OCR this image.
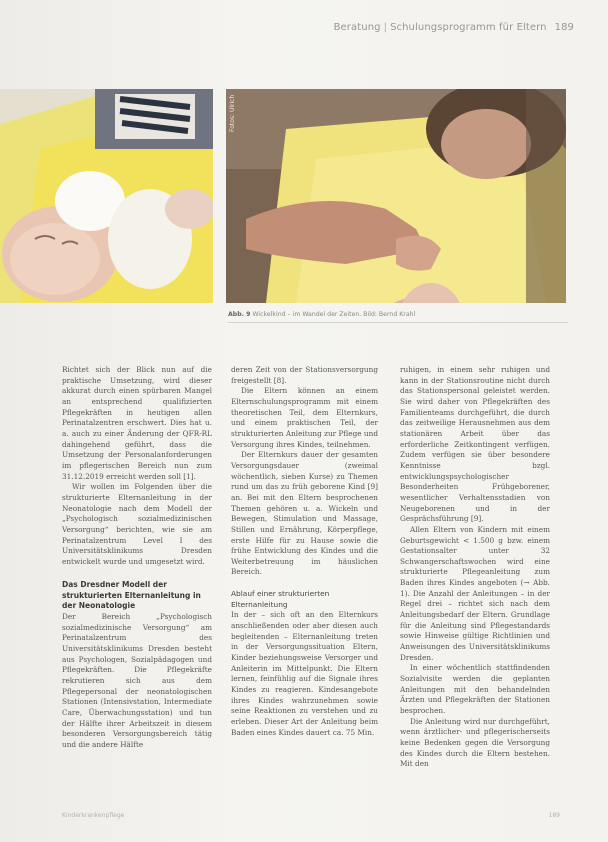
Beratung | Schulungsprogramm für Eltern 189
Fotos: Ulrich
Abb. 9 Wickelkind – im Wandel der Zeiten. Bild: Bernd Krahl

Richtet sich der Blick nun auf die praktische Umsetzung, wird dieser akkurat durch einen spürbaren Mangel an entsprechend qualifizierten Pflegekräften in heutigen allen Perinatalzentren erschwert. Dies hat u. a. auch zu einer Änderung der QFR-RL dahingehend geführt, dass die Umsetzung der Personalanforderungen im pflegerischen Bereich nun zum 31.12.2019 erreicht werden soll [1].

Wir wollen im Folgenden über die strukturierte Elternanleitung in der Neonatologie nach dem Modell der „Psychologisch sozialmedizinischen Versorgung“ berichten, wie sie am Perinatalzentrum Level I des Universitätsklinikums Dresden entwickelt wurde und umgesetzt wird.

Das Dresdner Modell der strukturierten Elternanleitung in der Neonatologie

Der Bereich „Psychologisch sozialmedizinische Versorgung“ am Perinatalzentrum des Universitätsklinikums Dresden besteht aus Psychologen, Sozialpädagogen und Pflegekräften. Die Pflegekräfte rekrutieren sich aus dem Pflegepersonal der neonatologischen Stationen (Intensivstation, Intermediate Care, Überwachungsstation) und tun der Hälfte ihrer Arbeitszeit in diesem besonderen Versorgungsbereich tätig und die andere Hälfte

deren Zeit von der Stationsversorgung freigestellt [8].

Die Eltern können an einem Elternschulungsprogramm mit einem theoretischen Teil, dem Elternkurs, und einem praktischen Teil, der strukturierten Anleitung zur Pflege und Versorgung ihres Kindes, teilnehmen.

Der Elternkurs dauer der gesamten Versorgungsdauer (zweimal wöchentlich, sieben Kurse) zu Themen rund um das zu früh geborene Kind [9] an. Bei mit den Eltern besprochenen Themen gehören u. a. Wickeln und Bewegen, Stimulation und Massage, Stillen und Ernährung, Körperpflege, erste Hilfe für zu Hause sowie die frühe Entwicklung des Kindes und die Weiterbetreuung im häuslichen Bereich.

Ablauf einer strukturierten Elternanleitung

In der – sich oft an den Elternkurs anschließenden oder aber diesen auch begleitenden – Elternanleitung treten in der Versorgungssituation Eltern, Kinder beziehungsweise Versorger und Anleiterin im Mittelpunkt. Die Eltern lernen, feinfühlig auf die Signale ihres Kindes zu reagieren. Kindesangebote ihres Kindes wahrzunehmen sowie seine Reaktionen zu verstehen und zu erleben. Dieser Art der Anleitung beim Baden eines Kindes dauert ca. 75 Min.

ruhigen, in einem sehr ruhigen und kann in der Stationsroutine nicht durch das Stationspersonal geleistet werden. Sie wird daher von Pflegekräften des Familienteams durchgeführt, die durch das zeitweilige Herausnehmen aus dem stationären Arbeit über das erforderliche Zeitkontingent verfügen. Zudem verfügen sie über besondere Kenntnisse bzgl. entwicklungspsychologischer Besonderheiten Frühgeborener, wesentlicher Verhaltensstadien von Neugeborenen und in der Gesprächsführung [9].

Allen Eltern von Kindern mit einem Geburtsgewicht < 1.500 g bzw. einem Gestationsalter unter 32 Schwangerschaftswochen wird eine strukturierte Pflegeanleitung zum Baden ihres Kindes angeboten (→ Abb. 1). Die Anzahl der Anleitungen – in der Regel drei – richtet sich nach dem Anleitungsbedarf der Eltern. Grundlage für die Anleitung sind Pflegestandards sowie Hinweise gültige Richtlinien und Anweisungen des Universitätsklinikums Dresden.

In einer wöchentlich stattfindenden Sozialvisite werden die geplanten Anleitungen mit den behandelnden Ärzten und Pflegekräften der Stationen besprochen.

Die Anleitung wird nur durchgeführt, wenn ärztlicher- und pflegerischerseits keine Bedenken gegen die Versorgung des Kindes durch die Eltern bestehen. Mit den

Kinderkrankenpflege	189
